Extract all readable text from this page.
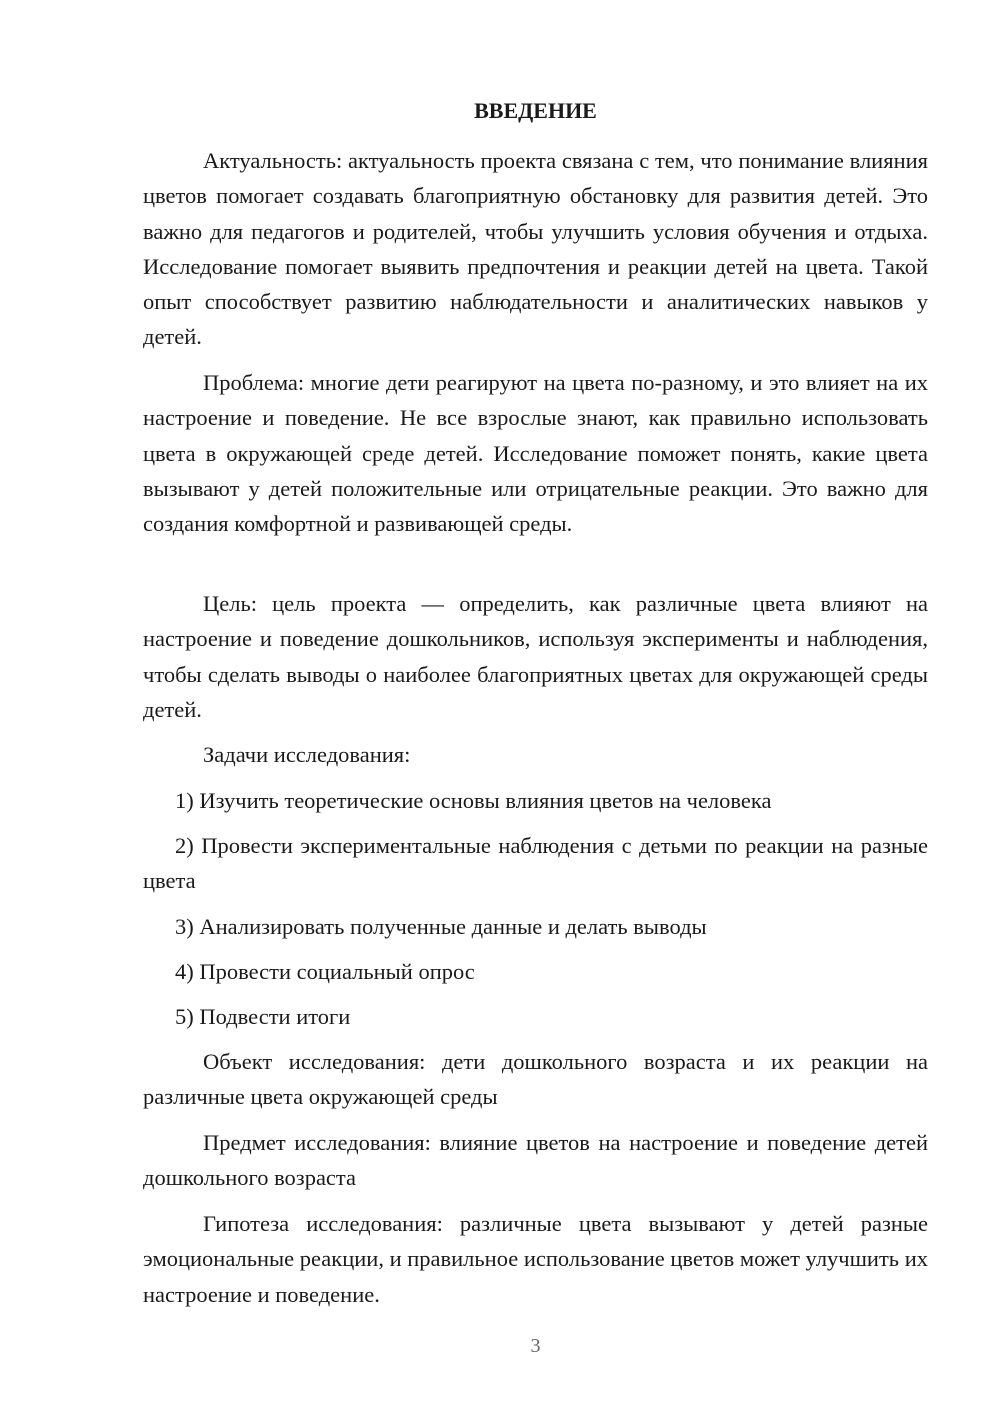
ВВЕДЕНИЕ

Актуальность: актуальность проекта связана с тем, что понимание влияния цветов помогает создавать благоприятную обстановку для развития детей. Это важно для педагогов и родителей, чтобы улучшить условия обучения и отдыха. Исследование помогает выявить предпочтения и реакции детей на цвета. Такой опыт способствует развитию наблюдательности и аналитических навыков у детей.

Проблема: многие дети реагируют на цвета по-разному, и это влияет на их настроение и поведение. Не все взрослые знают, как правильно использовать цвета в окружающей среде детей. Исследование поможет понять, какие цвета вызывают у детей положительные или отрицательные реакции. Это важно для создания комфортной и развивающей среды.

Цель: цель проекта — определить, как различные цвета влияют на настроение и поведение дошкольников, используя эксперименты и наблюдения, чтобы сделать выводы о наиболее благоприятных цветах для окружающей среды детей.

Задачи исследования:

1) Изучить теоретические основы влияния цветов на человека

2) Провести экспериментальные наблюдения с детьми по реакции на разные цвета

3) Анализировать полученные данные и делать выводы

4) Провести социальный опрос

5) Подвести итоги

Объект исследования: дети дошкольного возраста и их реакции на различные цвета окружающей среды

Предмет исследования: влияние цветов на настроение и поведение детей дошкольного возраста

Гипотеза исследования: различные цвета вызывают у детей разные эмоциональные реакции, и правильное использование цветов может улучшить их настроение и поведение.

3
